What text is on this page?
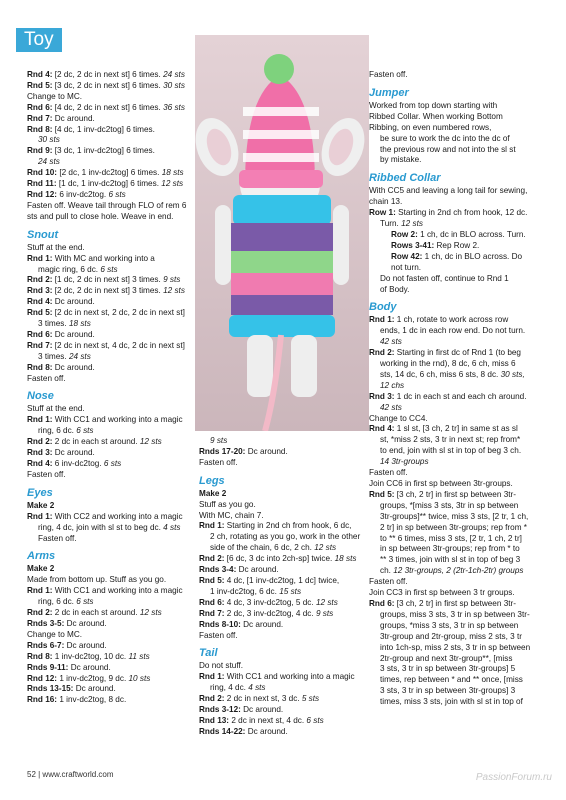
Toy
Rnd 4: [2 dc, 2 dc in next st] 6 times. 24 sts
Rnd 5: [3 dc, 2 dc in next st] 6 times. 30 sts
Change to MC.
Rnd 6: [4 dc, 2 dc in next st] 6 times. 36 sts
Rnd 7: Dc around.
Rnd 8: [4 dc, 1 inv-dc2tog] 6 times.
30 sts
Rnd 9: [3 dc, 1 inv-dc2tog] 6 times.
24 sts
Rnd 10: [2 dc, 1 inv-dc2tog] 6 times. 18 sts
Rnd 11: [1 dc, 1 inv-dc2tog] 6 times. 12 sts
Rnd 12: 6 inv-dc2tog. 6 sts
Fasten off. Weave tail through FLO of rem 6
sts and pull to close hole. Weave in end.
Snout
Stuff at the end.
Rnd 1: With MC and working into a
magic ring, 6 dc. 6 sts
Rnd 2: [1 dc, 2 dc in next st] 3 times. 9 sts
Rnd 3: [2 dc, 2 dc in next st] 3 times. 12 sts
Rnd 4: Dc around.
Rnd 5: [2 dc in next st, 2 dc, 2 dc in next st]
3 times. 18 sts
Rnd 6: Dc around.
Rnd 7: [2 dc in next st, 4 dc, 2 dc in next st]
3 times. 24 sts
Rnd 8: Dc around.
Fasten off.
Nose
Stuff at the end.
Rnd 1: With CC1 and working into a magic
ring, 6 dc. 6 sts
Rnd 2: 2 dc in each st around. 12 sts
Rnd 3: Dc around.
Rnd 4: 6 inv-dc2tog. 6 sts
Fasten off.
Eyes
Make 2
Rnd 1: With CC2 and working into a magic
ring, 4 dc, join with sl st to beg dc. 4 sts
Fasten off.
Arms
Make 2
Made from bottom up. Stuff as you go.
Rnd 1: With CC1 and working into a magic
ring, 6 dc. 6 sts
Rnd 2: 2 dc in each st around. 12 sts
Rnds 3-5: Dc around.
Change to MC.
Rnds 6-7: Dc around.
Rnd 8: 1 inv-dc2tog, 10 dc. 11 sts
Rnds 9-11: Dc around.
Rnd 12: 1 inv-dc2tog, 9 dc. 10 sts
Rnds 13-15: Dc around.
Rnd 16: 1 inv-dc2tog, 8 dc.
9 sts
Rnds 17-20: Dc around.
Fasten off.
Legs
Make 2
Stuff as you go.
With MC, chain 7.
Rnd 1: Starting in 2nd ch from hook, 6 dc,
2 ch, rotating as you go, work in the other
side of the chain, 6 dc, 2 ch. 12 sts
Rnd 2: [6 dc, 3 dc into 2ch-sp] twice. 18 sts
Rnds 3-4: Dc around.
Rnd 5: 4 dc, [1 inv-dc2tog, 1 dc] twice,
1 inv-dc2tog, 6 dc. 15 sts
Rnd 6: 4 dc, 3 inv-dc2tog, 5 dc. 12 sts
Rnd 7: 2 dc, 3 inv-dc2tog, 4 dc. 9 sts
Rnds 8-10: Dc around.
Fasten off.
Tail
Do not stuff.
Rnd 1: With CC1 and working into a magic
ring, 4 dc. 4 sts
Rnd 2: 2 dc in next st, 3 dc. 5 sts
Rnds 3-12: Dc around.
Rnd 13: 2 dc in next st, 4 dc. 6 sts
Rnds 14-22: Dc around.
Fasten off.
Jumper
Worked from top down starting with
Ribbed Collar. When working Bottom
Ribbing, on even numbered rows,
be sure to work the dc into the dc of
the previous row and not into the sl st
by mistake.
Ribbed Collar
With CC5 and leaving a long tail for sewing,
chain 13.
Row 1: Starting in 2nd ch from hook, 12 dc.
Turn. 12 sts
Row 2: 1 ch, dc in BLO across. Turn.
Rows 3-41: Rep Row 2.
Row 42: 1 ch, dc in BLO across. Do
not turn.
Do not fasten off, continue to Rnd 1
of Body.
Body
Rnd 1: 1 ch, rotate to work across row
ends, 1 dc in each row end. Do not turn.
42 sts
Rnd 2: Starting in first dc of Rnd 1 (to beg
working in the rnd), 8 dc, 6 ch, miss 6
sts, 14 dc, 6 ch, miss 6 sts, 8 dc. 30 sts,
12 chs
Rnd 3: 1 dc in each st and each ch around.
42 sts
Change to CC4.
Rnd 4: 1 sl st, [3 ch, 2 tr] in same st as sl
st, *miss 2 sts, 3 tr in next st; rep from*
to end, join with sl st in top of beg 3 ch.
14 3tr-groups
Fasten off.
Join CC6 in first sp between 3tr-groups.
Rnd 5: [3 ch, 2 tr] in first sp between 3tr-
groups, *[miss 3 sts, 3tr in sp between
3tr-groups]** twice, miss 3 sts, [2 tr, 1 ch,
2 tr] in sp between 3tr-groups; rep from *
to ** 6 times, miss 3 sts, [2 tr, 1 ch, 2 tr]
in sp between 3tr-groups; rep from * to
** 3 times, join with sl st in top of beg 3
ch. 12 3tr-groups, 2 (2tr-1ch-2tr) groups
Fasten off.
Join CC3 in first sp between 3 tr groups.
Rnd 6: [3 ch, 2 tr] in first sp between 3tr-
groups, miss 3 sts, 3 tr in sp between 3tr-
groups, *miss 3 sts, 3 tr in sp between
3tr-group and 2tr-group, miss 2 sts, 3 tr
into 1ch-sp, miss 2 sts, 3 tr in sp between
2tr-group and next 3tr-group**, [miss
3 sts, 3 tr in sp between 3tr-groups] 5
times, rep between * and ** once, [miss
3 sts, 3 tr in sp between 3tr-groups] 3
times, miss 3 sts, join with sl st in top of
52 | www.craftworld.com	PassionForum.ru
